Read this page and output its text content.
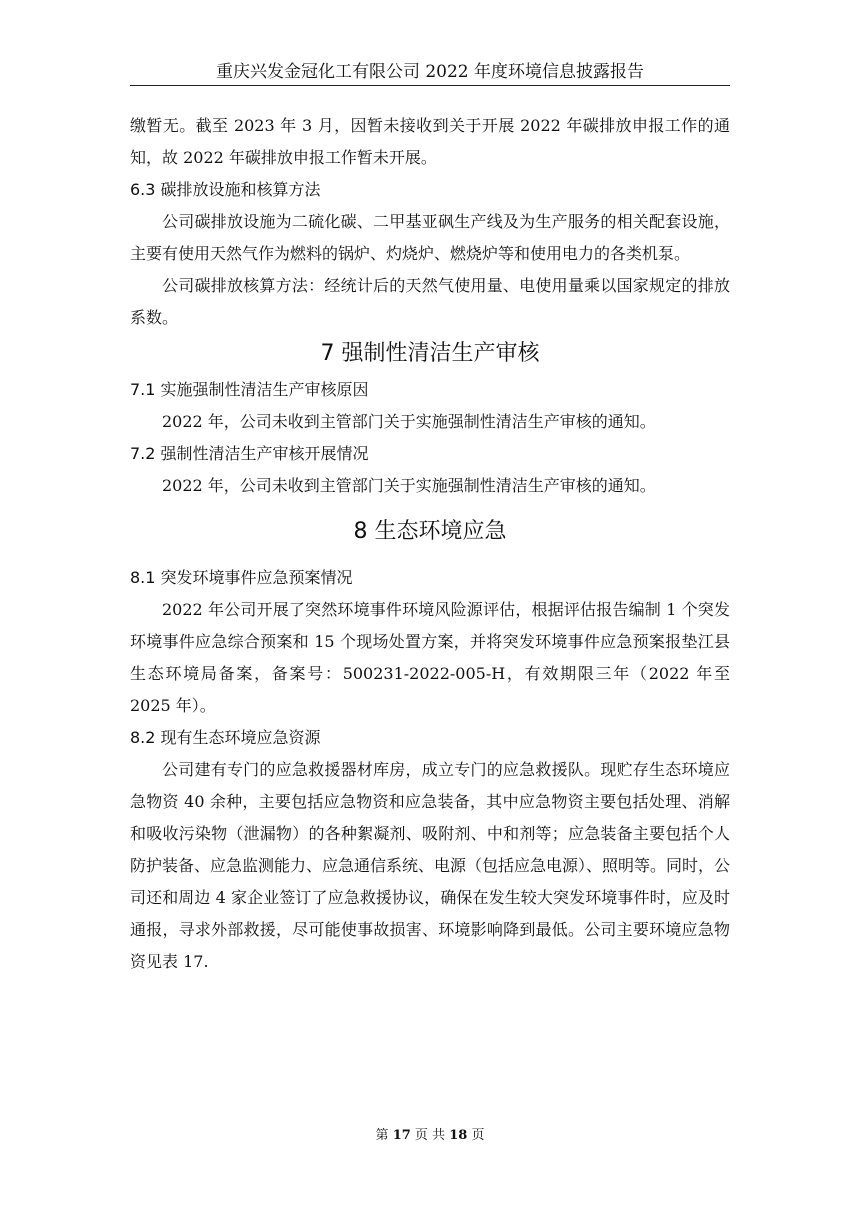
重庆兴发金冠化工有限公司 2022 年度环境信息披露报告

缴暂无。截至 2023 年 3 月，因暂未接收到关于开展 2022 年碳排放申报工作的通知，故 2022 年碳排放申报工作暂未开展。

6.3 碳排放设施和核算方法

公司碳排放设施为二硫化碳、二甲基亚砜生产线及为生产服务的相关配套设施，主要有使用天然气作为燃料的锅炉、灼烧炉、燃烧炉等和使用电力的各类机泵。

公司碳排放核算方法：经统计后的天然气使用量、电使用量乘以国家规定的排放系数。

7 强制性清洁生产审核

7.1 实施强制性清洁生产审核原因

2022 年，公司未收到主管部门关于实施强制性清洁生产审核的通知。

7.2 强制性清洁生产审核开展情况

2022 年，公司未收到主管部门关于实施强制性清洁生产审核的通知。

8 生态环境应急

8.1 突发环境事件应急预案情况

2022 年公司开展了突然环境事件环境风险源评估，根据评估报告编制 1 个突发环境事件应急综合预案和 15 个现场处置方案，并将突发环境事件应急预案报垫江县生态环境局备案，备案号：500231-2022-005-H，有效期限三年（2022 年至 2025 年）。

8.2 现有生态环境应急资源

公司建有专门的应急救援器材库房，成立专门的应急救援队。现贮存生态环境应急物资 40 余种，主要包括应急物资和应急装备，其中应急物资主要包括处理、消解和吸收污染物（泄漏物）的各种絮凝剂、吸附剂、中和剂等；应急装备主要包括个人防护装备、应急监测能力、应急通信系统、电源（包括应急电源）、照明等。同时，公司还和周边 4 家企业签订了应急救援协议，确保在发生较大突发环境事件时，应及时通报，寻求外部救援，尽可能使事故损害、环境影响降到最低。公司主要环境应急物资见表 17.

第 17 页 共 18 页
